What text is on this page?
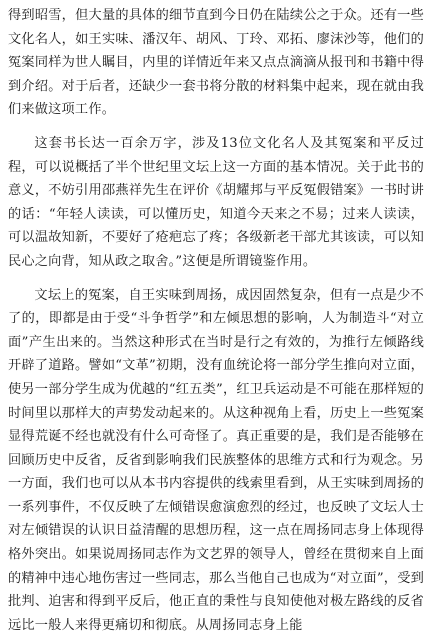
得到昭雪，但大量的具体的细节直到今日仍在陆续公之于众。还有一些文化名人，如王实味、潘汉年、胡风、丁玲、邓拓、廖沫沙等，他们的冤案同样为世人瞩目，内里的详情近年来又点点滴滴从报刊和书籍中得到介绍。对于后者，还缺少一套书将分散的材料集中起来，现在就由我们来做这项工作。

这套书长达一百余万字，涉及13位文化名人及其冤案和平反过程，可以说概括了半个世纪里文坛上这一方面的基本情况。关于此书的意义，不妨引用邵燕祥先生在评价《胡耀邦与平反冤假错案》一书时讲的话：“年轻人读读，可以懂历史，知道今天来之不易；过来人读读，可以温故知新，不要好了疮疤忘了疼；各级新老干部尤其该读，可以知民心之向背，知从政之取舍。”这便是所谓镜鉴作用。

文坛上的冤案，自王实味到周扬，成因固然复杂，但有一点是少不了的，即都是由于受“斗争哲学”和左倾思想的影响，人为制造斗“对立面”产生出来的。当然这种形式在当时是行之有效的，为推行左倾路线开辟了道路。譬如“文革”初期，没有血统论将一部分学生推向对立面，使另一部分学生成为优越的“红五类”，红卫兵运动是不可能在那样短的时间里以那样大的声势发动起来的。从这种视角上看，历史上一些冤案显得荒诞不经也就没有什么可奇怪了。真正重要的是，我们是否能够在回顾历史中反省，反省到影响我们民族整体的思维方式和行为观念。另一方面，我们也可以从本书内容提供的线索里看到，从王实味到周扬的一系列事件，不仅反映了左倾错误愈演愈烈的经过，也反映了文坛人士对左倾错误的认识日益清醒的思想历程，这一点在周扬同志身上体现得格外突出。如果说周扬同志作为文艺界的领导人，曾经在贯彻来自上面的精神中违心地伤害过一些同志，那么当他自己也成为“对立面”，受到批判、迫害和得到平反后，他正直的秉性与良知使他对极左路线的反省远比一般人来得更痛切和彻底。从周扬同志身上能
